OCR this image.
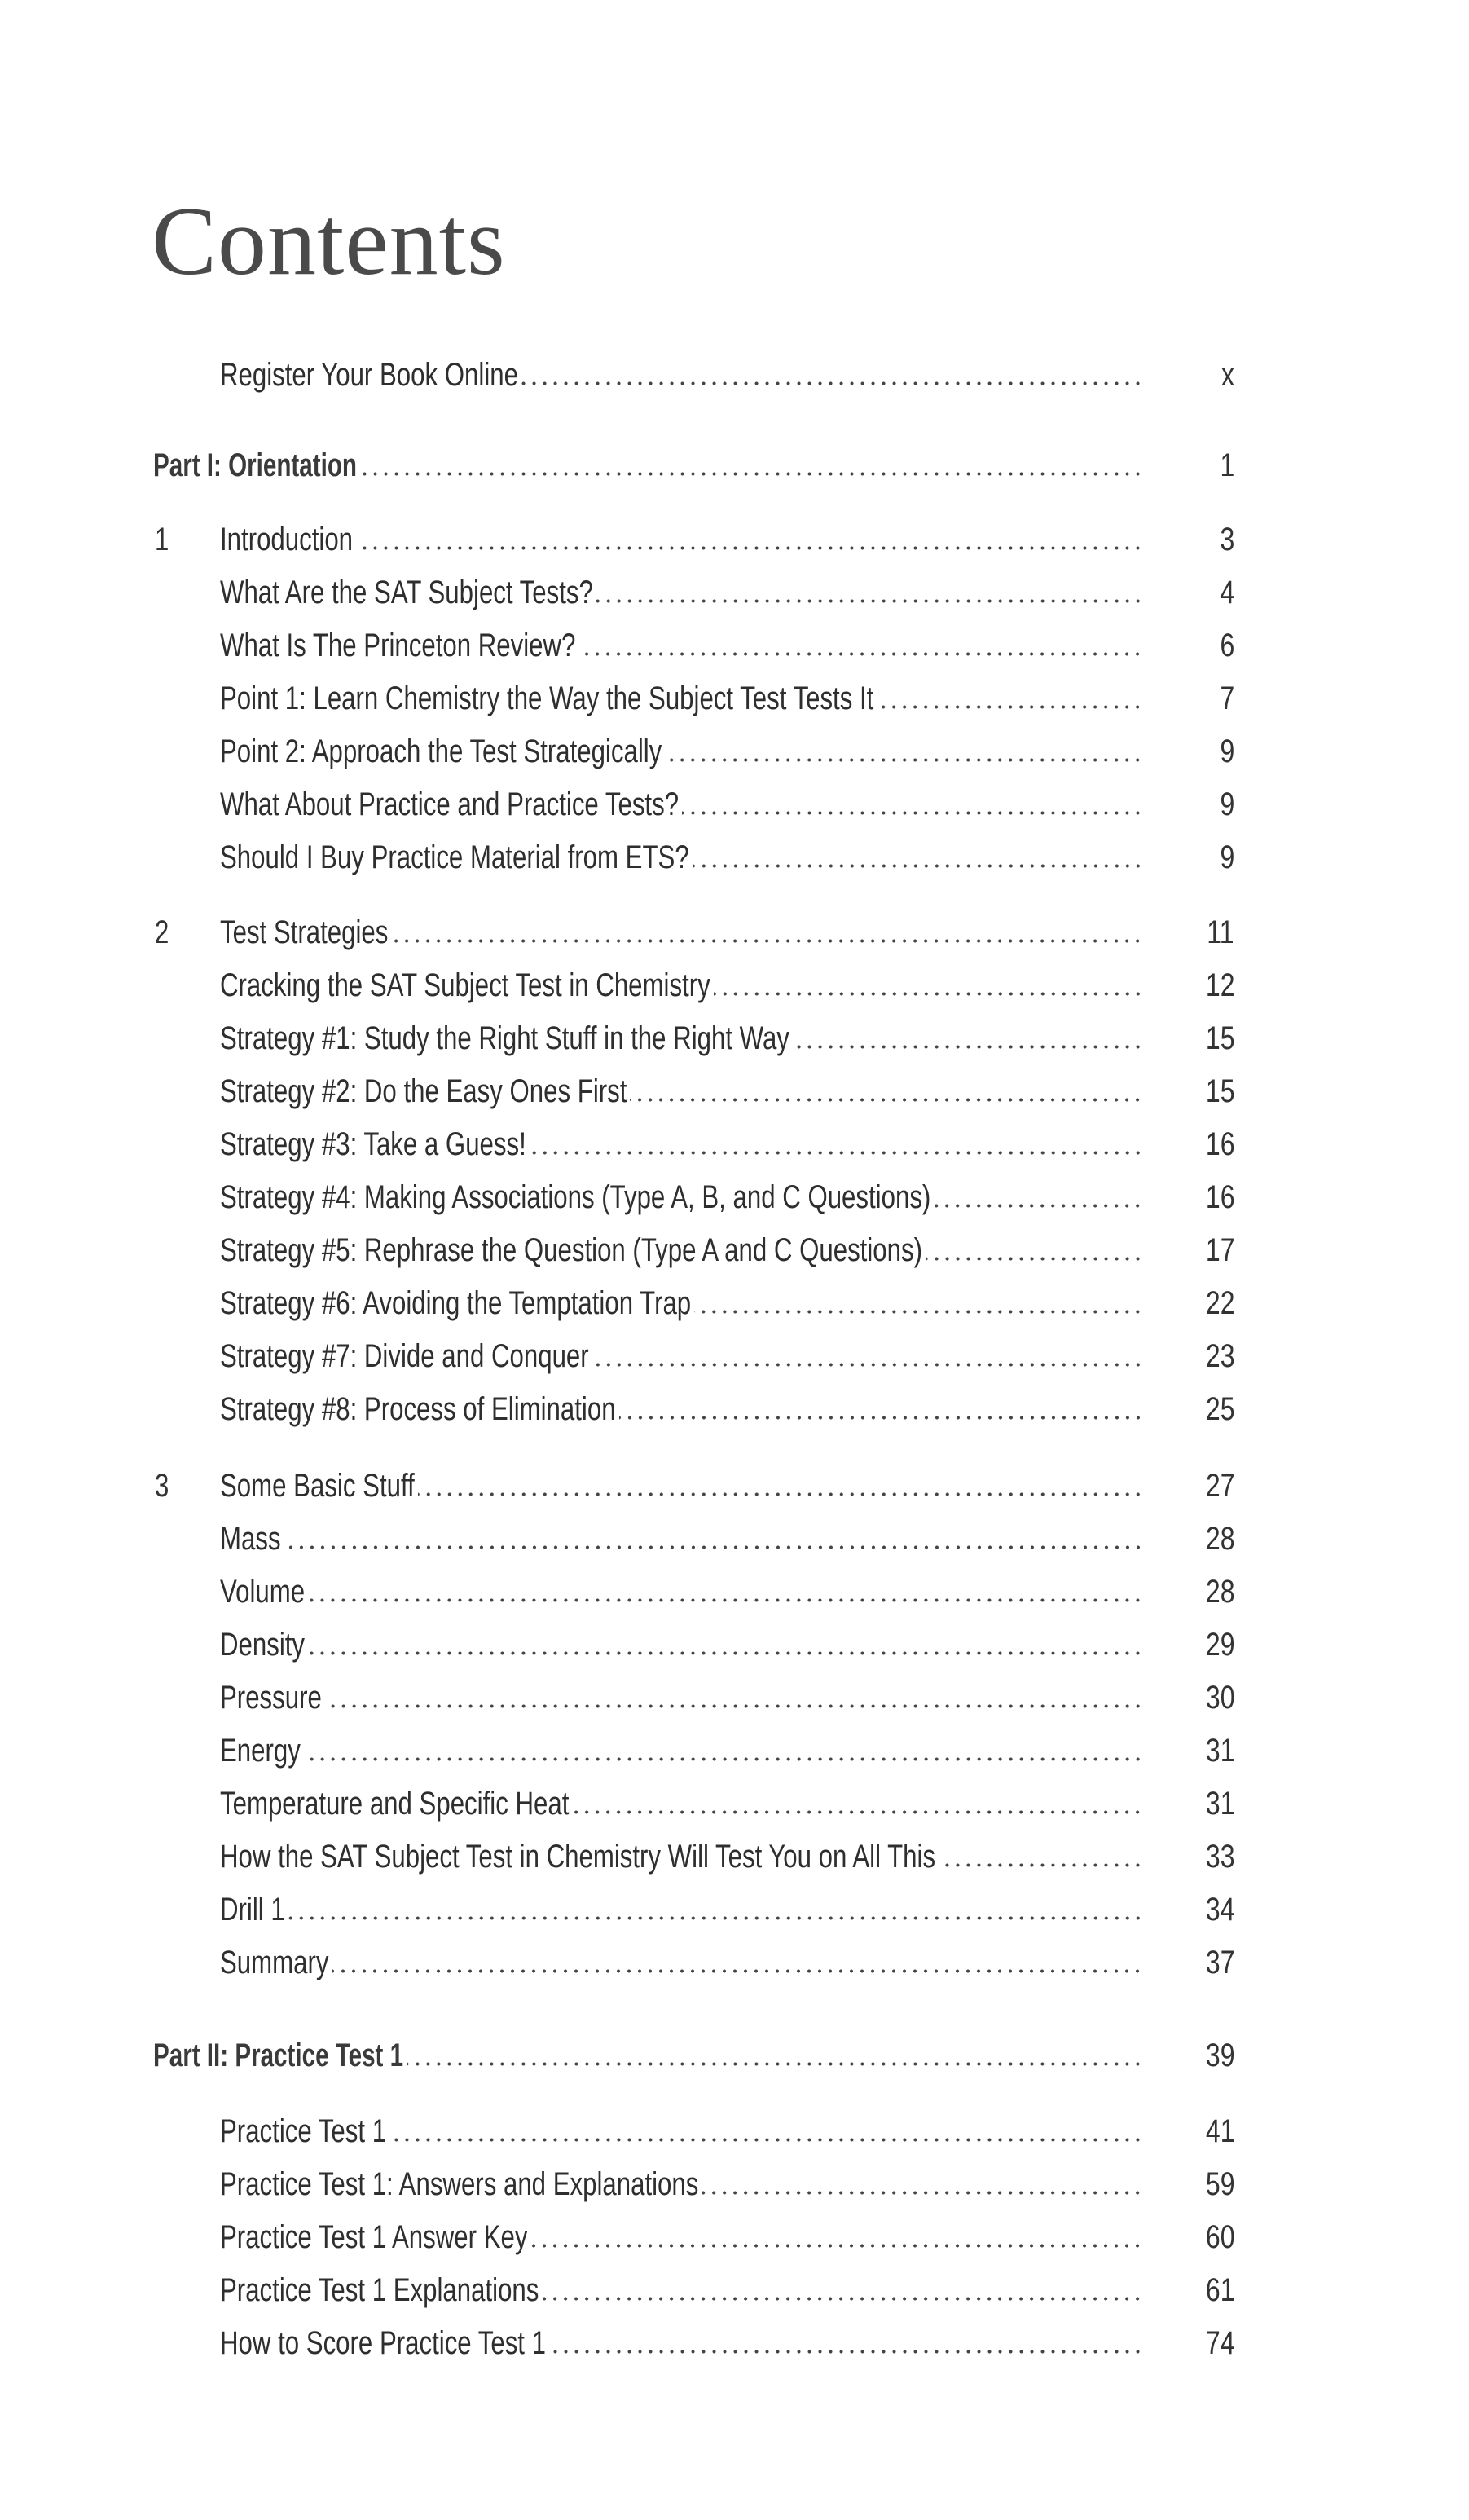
Contents
Register Your Book Online	x
Part I: Orientation	1
1 Introduction	3
What Are the SAT Subject Tests?	4
What Is The Princeton Review?	6
Point 1: Learn Chemistry the Way the Subject Test Tests It	7
Point 2: Approach the Test Strategically	9
What About Practice and Practice Tests?	9
Should I Buy Practice Material from ETS?	9
2 Test Strategies	11
Cracking the SAT Subject Test in Chemistry	12
Strategy #1: Study the Right Stuff in the Right Way	15
Strategy #2: Do the Easy Ones First	15
Strategy #3: Take a Guess!	16
Strategy #4: Making Associations (Type A, B, and C Questions)	16
Strategy #5: Rephrase the Question (Type A and C Questions)	17
Strategy #6: Avoiding the Temptation Trap	22
Strategy #7: Divide and Conquer	23
Strategy #8: Process of Elimination	25
3 Some Basic Stuff	27
Mass	28
Volume	28
Density	29
Pressure	30
Energy	31
Temperature and Specific Heat	31
How the SAT Subject Test in Chemistry Will Test You on All This	33
Drill 1	34
Summary	37
Part II: Practice Test 1	39
Practice Test 1	41
Practice Test 1: Answers and Explanations	59
Practice Test 1 Answer Key	60
Practice Test 1 Explanations	61
How to Score Practice Test 1	74
